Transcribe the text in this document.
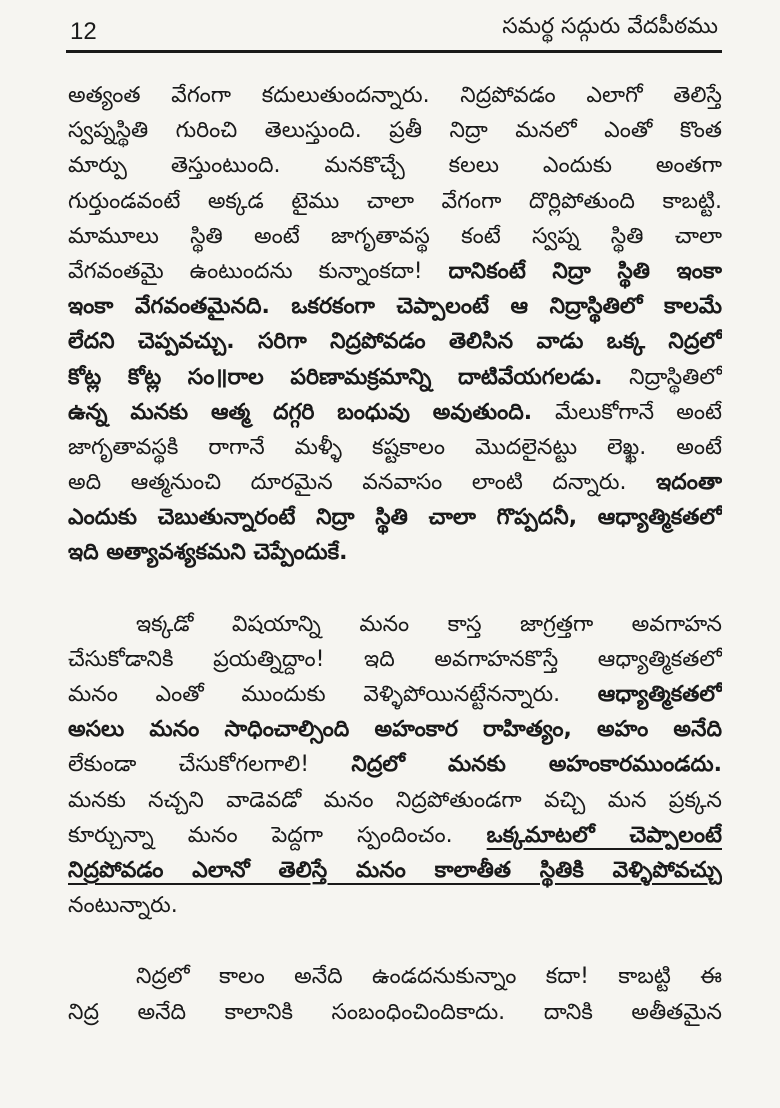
12	సమర్థ సద్గురు వేదపీఠము
అత్యంత వేగంగా కదులుతుందన్నారు. నిద్రపోవడం ఎలాగో తెలిస్తే
స్వప్నస్థితి గురించి తెలుస్తుంది. ప్రతీ నిద్రా మనలో ఎంతో కొంత
మార్పు తెస్తుంటుంది. మనకొచ్చే కలలు ఎందుకు అంతగా
గుర్తుండవంటే అక్కడ టైము చాలా వేగంగా దొర్లిపోతుంది కాబట్టి.
మామూలు స్థితి అంటే జాగృతావస్థ కంటే స్వప్న స్థితి చాలా
వేగవంతమై ఉంటుందను కున్నాంకదా! దానికంటే నిద్రా స్థితి ఇంకా
ఇంకా వేగవంతమైనది. ఒకరకంగా చెప్పాలంటే ఆ నిద్రాస్థితిలో కాలమే
లేదని చెప్పవచ్చు. సరిగా నిద్రపోవడం తెలిసిన వాడు ఒక్క నిద్రలో
కోట్ల కోట్ల సం॥రాల పరిణామక్రమాన్ని దాటివేయగలడు. నిద్రాస్థితిలో
ఉన్న మనకు ఆత్మ దగ్గరి బంధువు అవుతుంది. మేలుకోగానే అంటే
జాగృతావస్థకి రాగానే మళ్ళీ కష్టకాలం మొదలైనట్టు లెఖ్ఖ. అంటే
అది ఆత్మనుంచి దూరమైన వనవాసం లాంటి దన్నారు. ఇదంతా
ఎందుకు చెబుతున్నారంటే నిద్రా స్థితి చాలా గొప్పదనీ, ఆధ్యాత్మికతలో
ఇది అత్యావశ్యకమని చెప్పేందుకే.
ఇక్కడో విషయాన్ని మనం కాస్త జాగ్రత్తగా అవగాహన
చేసుకోడానికి ప్రయత్నిద్దాం! ఇది అవగాహనకొస్తే ఆధ్యాత్మికతలో
మనం ఎంతో ముందుకు వెళ్ళిపోయినట్టేనన్నారు. ఆధ్యాత్మికతలో
అసలు మనం సాధించాల్సింది అహంకార రాహిత్యం, అహం అనేది
లేకుండా చేసుకోగలగాలి! నిద్రలో మనకు అహంకారముండదు.
మనకు నచ్చని వాడెవడో మనం నిద్రపోతుండగా వచ్చి మన ప్రక్కన
కూర్చున్నా మనం పెద్దగా స్పందించం. ఒక్కమాటలో చెప్పాలంటే
నిద్రపోవడం ఎలానో తెలిస్తే మనం కాలాతీత స్థితికి వెళ్ళిపోవచ్చు
నంటున్నారు.
నిద్రలో కాలం అనేది ఉండదనుకున్నాం కదా! కాబట్టి ఈ
నిద్ర అనేది కాలానికి సంబంధించిందికాదు. దానికి అతీతమైన
